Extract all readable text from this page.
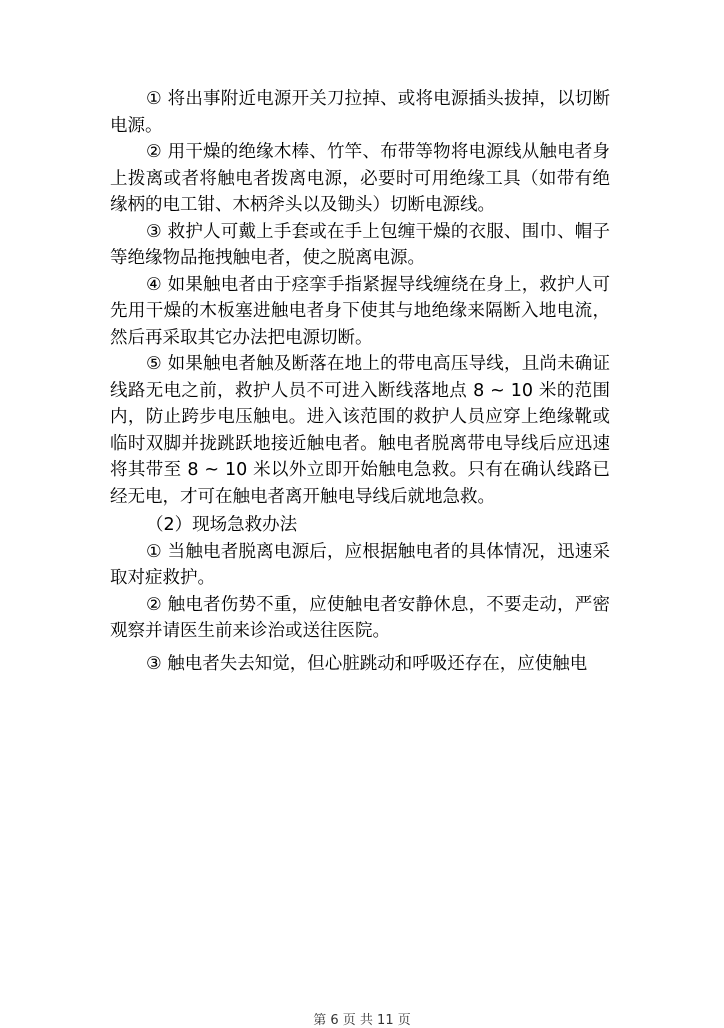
① 将出事附近电源开关刀拉掉、或将电源插头拔掉，以切断电源。

② 用干燥的绝缘木棒、竹竿、布带等物将电源线从触电者身上拨离或者将触电者拨离电源，必要时可用绝缘工具（如带有绝缘柄的电工钳、木柄斧头以及锄头）切断电源线。

③ 救护人可戴上手套或在手上包缠干燥的衣服、围巾、帽子等绝缘物品拖拽触电者，使之脱离电源。

④ 如果触电者由于痉挛手指紧握导线缠绕在身上，救护人可先用干燥的木板塞进触电者身下使其与地绝缘来隔断入地电流，然后再采取其它办法把电源切断。

⑤ 如果触电者触及断落在地上的带电高压导线，且尚未确证线路无电之前，救护人员不可进入断线落地点 8 ~ 10 米的范围内，防止跨步电压触电。进入该范围的救护人员应穿上绝缘靴或临时双脚并拢跳跃地接近触电者。触电者脱离带电导线后应迅速将其带至 8 ~ 10 米以外立即开始触电急救。只有在确认线路已经无电，才可在触电者离开触电导线后就地急救。

（2）现场急救办法

① 当触电者脱离电源后，应根据触电者的具体情况，迅速采取对症救护。

② 触电者伤势不重，应使触电者安静休息，不要走动，严密观察并请医生前来诊治或送往医院。

③ 触电者失去知觉，但心脏跳动和呼吸还存在，应使触电

第 6 页 共 11 页
